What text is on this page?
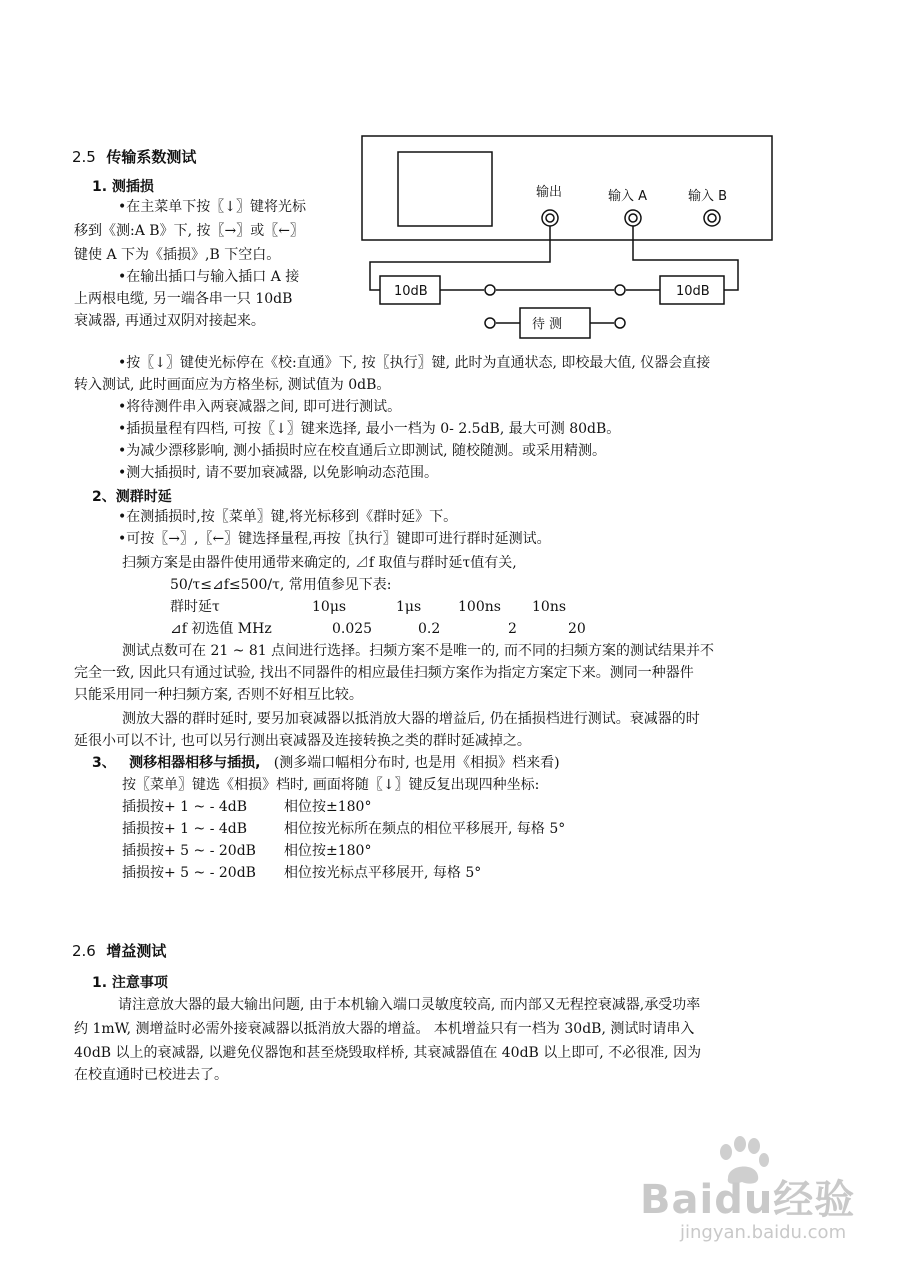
2.5 传输系数测试
1. 测插损
•在主菜单下按〖↓〗键将光标
移到《测:A B》下, 按〖→〗或〖←〗
键使 A 下为《插损》,B 下空白。
•在输出插口与输入插口 A 接
上两根电缆, 另一端各串一只 10dB
衰减器, 再通过双阴对接起来。
输出	输入 A	输入 B
10dB	10dB
待 测
•按〖↓〗键使光标停在《校:直通》下, 按〖执行〗键, 此时为直通状态, 即校最大值, 仪器会直接
转入测试, 此时画面应为方格坐标, 测试值为 0dB。
•将待测件串入两衰减器之间, 即可进行测试。
•插损量程有四档, 可按〖↓〗键来选择, 最小一档为 0- 2.5dB, 最大可测 80dB。
•为减少漂移影响, 测小插损时应在校直通后立即测试, 随校随测。或采用精测。
•测大插损时, 请不要加衰减器, 以免影响动态范围。
2、测群时延
•在测插损时,按〖菜单〗键,将光标移到《群时延》下。
•可按〖→〗,〖←〗键选择量程,再按〖执行〗键即可进行群时延测试。
扫频方案是由器件使用通带来确定的, ⊿f 取值与群时延τ值有关,
50/τ≤⊿f≤500/τ, 常用值参见下表:
群时延τ	10μs	1μs	100ns 10ns
⊿f 初选值 MHz	0.025	0.2	2	20
测试点数可在 21 ~ 81 点间进行选择。扫频方案不是唯一的, 而不同的扫频方案的测试结果并不
完全一致, 因此只有通过试验, 找出不同器件的相应最佳扫频方案作为指定方案定下来。测同一种器件
只能采用同一种扫频方案, 否则不好相互比较。
测放大器的群时延时, 要另加衰减器以抵消放大器的增益后, 仍在插损档进行测试。衰减器的时
延很小可以不计, 也可以另行测出衰减器及连接转换之类的群时延减掉之。
3、 测移相器相移与插损, (测多端口幅相分布时, 也是用《相损》档来看)
按〖菜单〗键选《相损》档时, 画面将随〖↓〗键反复出现四种坐标:
插损按+ 1 ~ - 4dB	相位按±180°
插损按+ 1 ~ - 4dB	相位按光标所在频点的相位平移展开, 每格 5°
插损按+ 5 ~ - 20dB 相位按±180°
插损按+ 5 ~ - 20dB 相位按光标点平移展开, 每格 5°
2.6 增益测试
1. 注意事项
请注意放大器的最大输出问题, 由于本机输入端口灵敏度较高, 而内部又无程控衰减器,承受功率
约 1mW, 测增益时必需外接衰减器以抵消放大器的增益。 本机增益只有一档为 30dB, 测试时请串入
40dB 以上的衰减器, 以避免仪器饱和甚至烧毁取样桥, 其衰减器值在 40dB 以上即可, 不必很准, 因为
在校直通时已校进去了。
Baidu经验
jingyan.baidu.com
